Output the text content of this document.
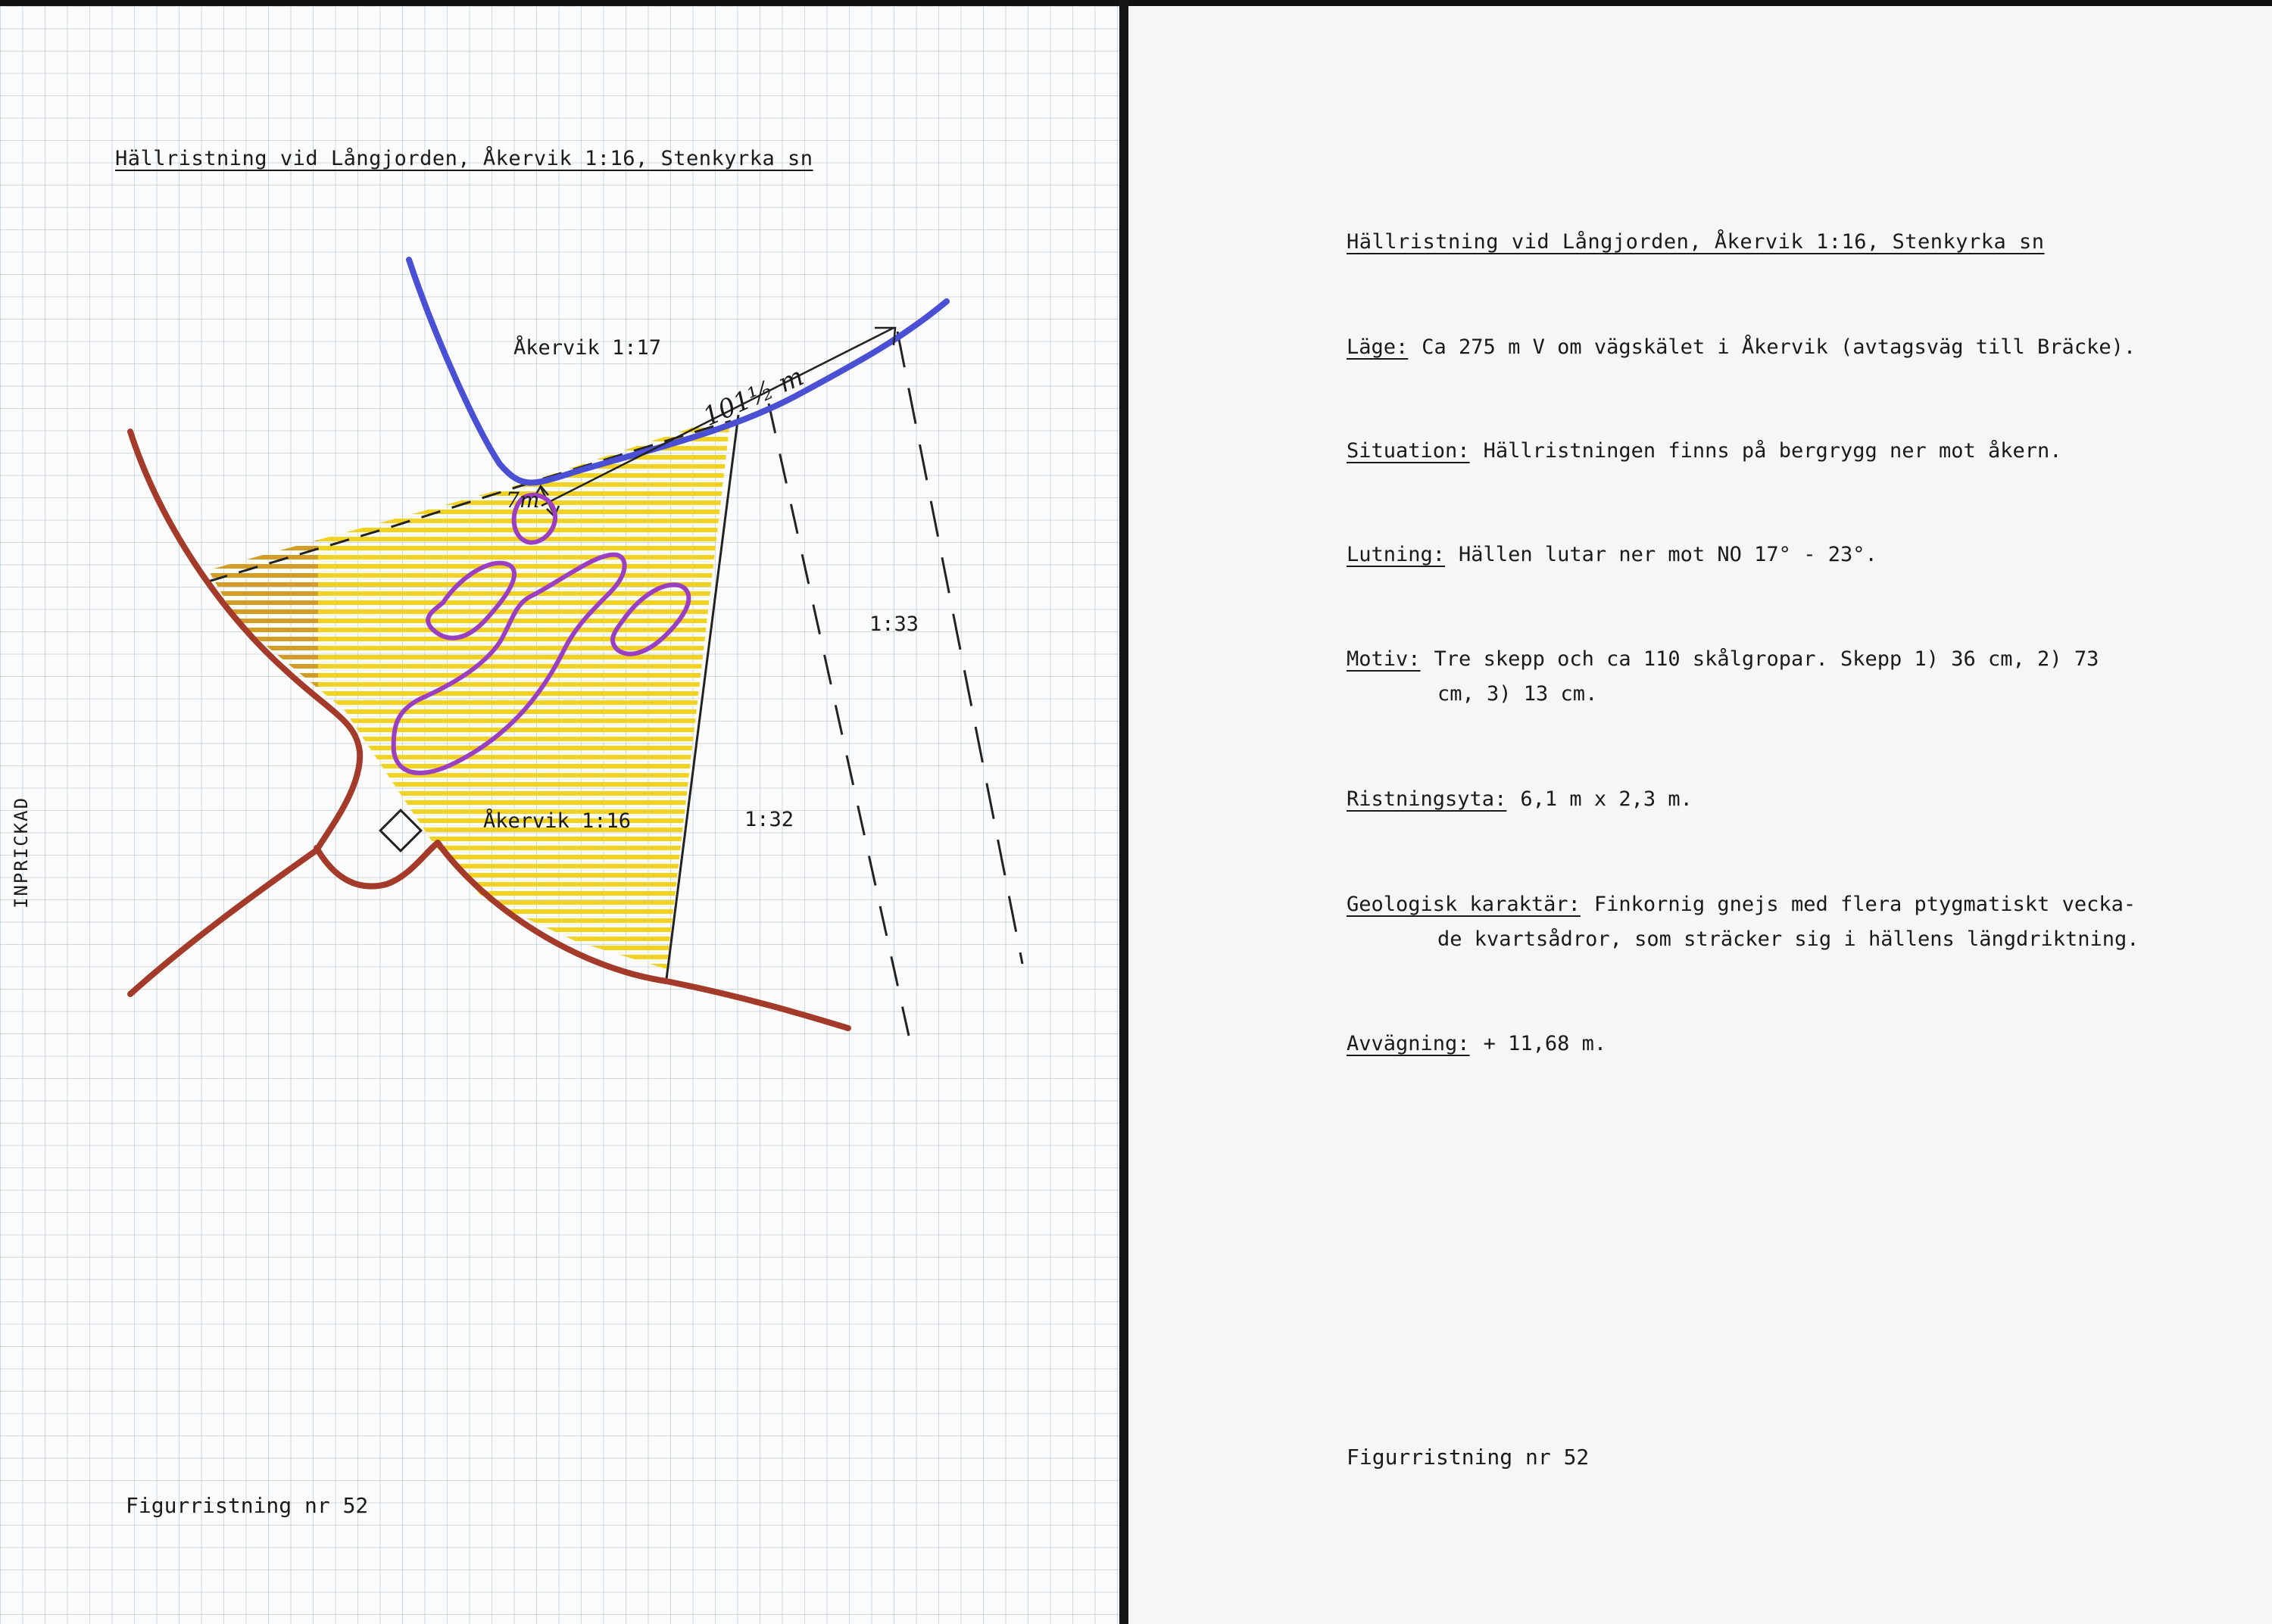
Hällristning vid Långjorden, Åkervik 1:16, Stenkyrka sn
INPRICKAD
Åkervik 1:17
Åkervik 1:16	1:32
1:33
101½ m
7m
Figurristning nr 52
Hällristning vid Långjorden, Åkervik 1:16, Stenkyrka sn
Läge: Ca 275 m V om vägskälet i Åkervik (avtagsväg till Bräcke).
Situation: Hällristningen finns på bergrygg ner mot åkern.
Lutning: Hällen lutar ner mot NO 17° - 23°.
Motiv: Tre skepp och ca 110 skålgropar. Skepp 1) 36 cm, 2) 73
cm, 3) 13 cm.
Ristningsyta: 6,1 m x 2,3 m.
Geologisk karaktär: Finkornig gnejs med flera ptygmatiskt vecka-
de kvartsådror, som sträcker sig i hällens längdriktning.
Avvägning: + 11,68 m.
Figurristning nr 52
